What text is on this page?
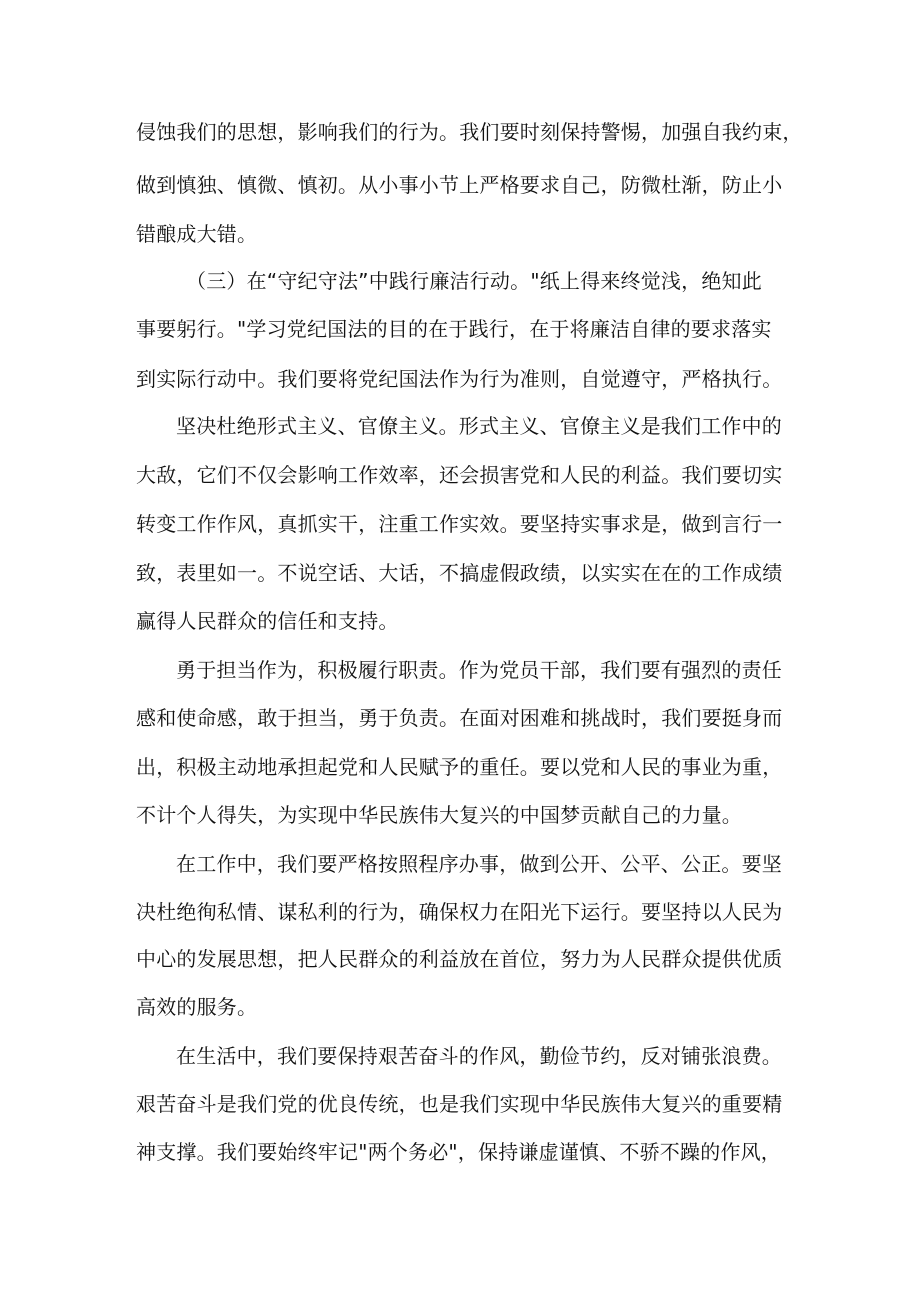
侵蚀我们的思想，影响我们的行为。我们要时刻保持警惕，加强自我约束，
做到慎独、慎微、慎初。从小事小节上严格要求自己，防微杜渐，防止小
错酿成大错。
（三）在“守纪守法”中践行廉洁行动。"纸上得来终觉浅，绝知此
事要躬行。"学习党纪国法的目的在于践行，在于将廉洁自律的要求落实
到实际行动中。我们要将党纪国法作为行为准则，自觉遵守，严格执行。
坚决杜绝形式主义、官僚主义。形式主义、官僚主义是我们工作中的
大敌，它们不仅会影响工作效率，还会损害党和人民的利益。我们要切实
转变工作作风，真抓实干，注重工作实效。要坚持实事求是，做到言行一
致，表里如一。不说空话、大话，不搞虚假政绩，以实实在在的工作成绩
赢得人民群众的信任和支持。
勇于担当作为，积极履行职责。作为党员干部，我们要有强烈的责任
感和使命感，敢于担当，勇于负责。在面对困难和挑战时，我们要挺身而
出，积极主动地承担起党和人民赋予的重任。要以党和人民的事业为重，
不计个人得失，为实现中华民族伟大复兴的中国梦贡献自己的力量。
在工作中，我们要严格按照程序办事，做到公开、公平、公正。要坚
决杜绝徇私情、谋私利的行为，确保权力在阳光下运行。要坚持以人民为
中心的发展思想，把人民群众的利益放在首位，努力为人民群众提供优质
高效的服务。
在生活中，我们要保持艰苦奋斗的作风，勤俭节约，反对铺张浪费。
艰苦奋斗是我们党的优良传统，也是我们实现中华民族伟大复兴的重要精
神支撑。我们要始终牢记"两个务必"，保持谦虚谨慎、不骄不躁的作风，
